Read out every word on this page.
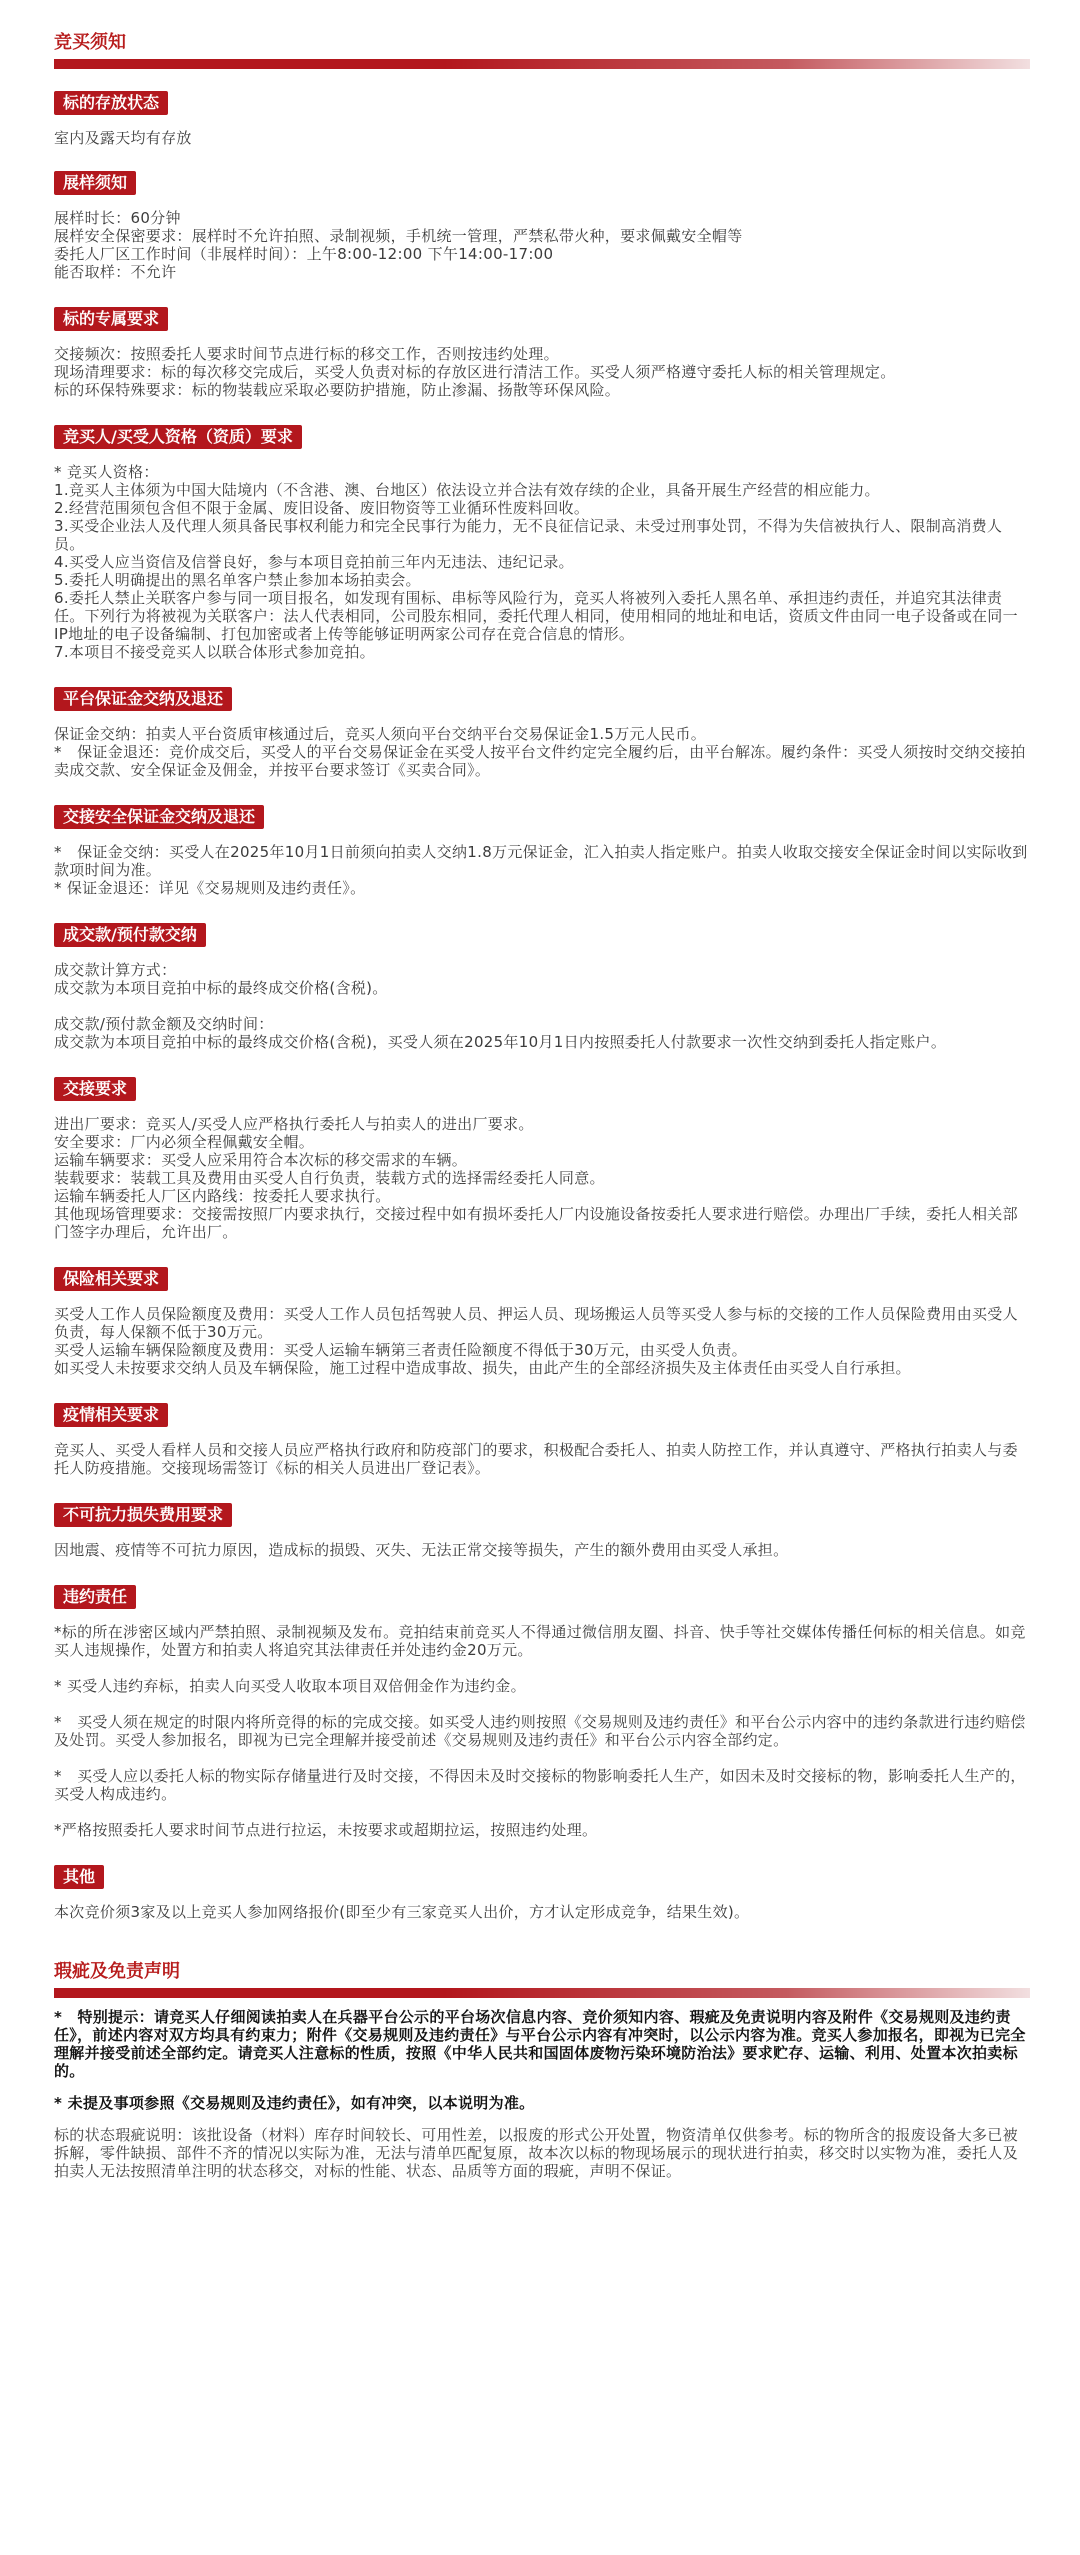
竞买须知
标的存放状态
室内及露天均有存放
展样须知
展样时长：60分钟
展样安全保密要求：展样时不允许拍照、录制视频，手机统一管理，严禁私带火种，要求佩戴安全帽等
委托人厂区工作时间（非展样时间）：上午8:00-12:00 下午14:00-17:00
能否取样：不允许
标的专属要求
交接频次：按照委托人要求时间节点进行标的移交工作，否则按违约处理。
现场清理要求：标的每次移交完成后，买受人负责对标的存放区进行清洁工作。买受人须严格遵守委托人标的相关管理规定。
标的环保特殊要求：标的物装载应采取必要防护措施，防止渗漏、扬散等环保风险。
竞买人/买受人资格（资质）要求
* 竞买人资格：
1.竞买人主体须为中国大陆境内（不含港、澳、台地区）依法设立并合法有效存续的企业，具备开展生产经营的相应能力。
2.经营范围须包含但不限于金属、废旧设备、废旧物资等工业循环性废料回收。
3.买受企业法人及代理人须具备民事权利能力和完全民事行为能力，无不良征信记录、未受过刑事处罚，不得为失信被执行人、限制高消费人员。
4.买受人应当资信及信誉良好，参与本项目竞拍前三年内无违法、违纪记录。
5.委托人明确提出的黑名单客户禁止参加本场拍卖会。
6.委托人禁止关联客户参与同一项目报名，如发现有围标、串标等风险行为，竞买人将被列入委托人黑名单、承担违约责任，并追究其法律责任。下列行为将被视为关联客户：法人代表相同，公司股东相同，委托代理人相同，使用相同的地址和电话，资质文件由同一电子设备或在同一IP地址的电子设备编制、打包加密或者上传等能够证明两家公司存在竞合信息的情形。
7.本项目不接受竞买人以联合体形式参加竞拍。
平台保证金交纳及退还
保证金交纳：拍卖人平台资质审核通过后，竞买人须向平台交纳平台交易保证金1.5万元人民币。
*　保证金退还：竞价成交后，买受人的平台交易保证金在买受人按平台文件约定完全履约后，由平台解冻。履约条件：买受人须按时交纳交接拍卖成交款、安全保证金及佣金，并按平台要求签订《买卖合同》。
交接安全保证金交纳及退还
*　保证金交纳：买受人在2025年10月1日前须向拍卖人交纳1.8万元保证金，汇入拍卖人指定账户。拍卖人收取交接安全保证金时间以实际收到款项时间为准。
* 保证金退还：详见《交易规则及违约责任》。
成交款/预付款交纳
成交款计算方式：
成交款为本项目竞拍中标的最终成交价格(含税)。

成交款/预付款金额及交纳时间：
成交款为本项目竞拍中标的最终成交价格(含税)，买受人须在2025年10月1日内按照委托人付款要求一次性交纳到委托人指定账户。
交接要求
进出厂要求：竞买人/买受人应严格执行委托人与拍卖人的进出厂要求。
安全要求：厂内必须全程佩戴安全帽。
运输车辆要求：买受人应采用符合本次标的移交需求的车辆。
装载要求：装载工具及费用由买受人自行负责，装载方式的选择需经委托人同意。
运输车辆委托人厂区内路线：按委托人要求执行。
其他现场管理要求：交接需按照厂内要求执行，交接过程中如有损坏委托人厂内设施设备按委托人要求进行赔偿。办理出厂手续，委托人相关部门签字办理后，允许出厂。
保险相关要求
买受人工作人员保险额度及费用：买受人工作人员包括驾驶人员、押运人员、现场搬运人员等买受人参与标的交接的工作人员保险费用由买受人负责，每人保额不低于30万元。
买受人运输车辆保险额度及费用：买受人运输车辆第三者责任险额度不得低于30万元，由买受人负责。
如买受人未按要求交纳人员及车辆保险，施工过程中造成事故、损失，由此产生的全部经济损失及主体责任由买受人自行承担。
疫情相关要求
竞买人、买受人看样人员和交接人员应严格执行政府和防疫部门的要求，积极配合委托人、拍卖人防控工作，并认真遵守、严格执行拍卖人与委托人防疫措施。交接现场需签订《标的相关人员进出厂登记表》。
不可抗力损失费用要求
因地震、疫情等不可抗力原因，造成标的损毁、灭失、无法正常交接等损失，产生的额外费用由买受人承担。
违约责任
*标的所在涉密区域内严禁拍照、录制视频及发布。竞拍结束前竞买人不得通过微信朋友圈、抖音、快手等社交媒体传播任何标的相关信息。如竞买人违规操作，处置方和拍卖人将追究其法律责任并处违约金20万元。

* 买受人违约弃标，拍卖人向买受人收取本项目双倍佣金作为违约金。

*　买受人须在规定的时限内将所竞得的标的完成交接。如买受人违约则按照《交易规则及违约责任》和平台公示内容中的违约条款进行违约赔偿及处罚。买受人参加报名，即视为已完全理解并接受前述《交易规则及违约责任》和平台公示内容全部约定。

*　买受人应以委托人标的物实际存储量进行及时交接，不得因未及时交接标的物影响委托人生产，如因未及时交接标的物，影响委托人生产的，买受人构成违约。

*严格按照委托人要求时间节点进行拉运，未按要求或超期拉运，按照违约处理。
其他
本次竞价须3家及以上竞买人参加网络报价(即至少有三家竞买人出价，方才认定形成竞争，结果生效)。
瑕疵及免责声明
*　特别提示：请竞买人仔细阅读拍卖人在兵器平台公示的平台场次信息内容、竞价须知内容、瑕疵及免责说明内容及附件《交易规则及违约责任》，前述内容对双方均具有约束力；附件《交易规则及违约责任》与平台公示内容有冲突时，以公示内容为准。竞买人参加报名，即视为已完全理解并接受前述全部约定。请竞买人注意标的性质，按照《中华人民共和国固体废物污染环境防治法》要求贮存、运输、利用、处置本次拍卖标的。
* 未提及事项参照《交易规则及违约责任》，如有冲突，以本说明为准。
标的状态瑕疵说明：该批设备（材料）库存时间较长、可用性差，以报废的形式公开处置，物资清单仅供参考。标的物所含的报废设备大多已被拆解，零件缺损、部件不齐的情况以实际为准，无法与清单匹配复原，故本次以标的物现场展示的现状进行拍卖，移交时以实物为准，委托人及拍卖人无法按照清单注明的状态移交，对标的性能、状态、品质等方面的瑕疵，声明不保证。
